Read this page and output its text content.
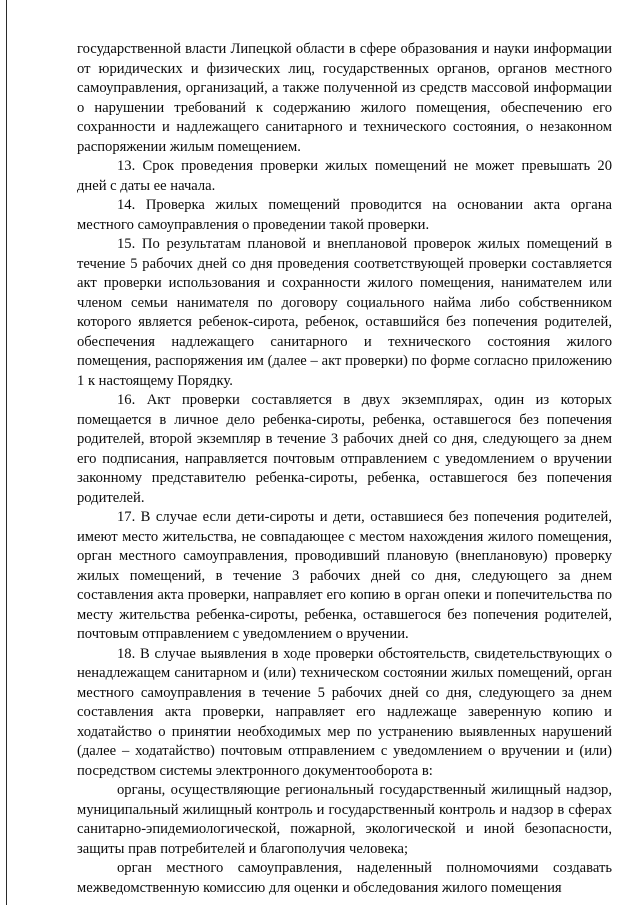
государственной власти Липецкой области в сфере образования и науки информации от юридических и физических лиц, государственных органов, органов местного самоуправления, организаций, а также полученной из средств массовой информации о нарушении требований к содержанию жилого помещения, обеспечению его сохранности и надлежащего санитарного и технического состояния, о незаконном распоряжении жилым помещением.

13. Срок проведения проверки жилых помещений не может превышать 20 дней с даты ее начала.

14. Проверка жилых помещений проводится на основании акта органа местного самоуправления о проведении такой проверки.

15. По результатам плановой и внеплановой проверок жилых помещений в течение 5 рабочих дней со дня проведения соответствующей проверки составляется акт проверки использования и сохранности жилого помещения, нанимателем или членом семьи нанимателя по договору социального найма либо собственником которого является ребенок-сирота, ребенок, оставшийся без попечения родителей, обеспечения надлежащего санитарного и технического состояния жилого помещения, распоряжения им (далее – акт проверки) по форме согласно приложению 1 к настоящему Порядку.

16. Акт проверки составляется в двух экземплярах, один из которых помещается в личное дело ребенка-сироты, ребенка, оставшегося без попечения родителей, второй экземпляр в течение 3 рабочих дней со дня, следующего за днем его подписания, направляется почтовым отправлением с уведомлением о вручении законному представителю ребенка-сироты, ребенка, оставшегося без попечения родителей.

17. В случае если дети-сироты и дети, оставшиеся без попечения родителей, имеют место жительства, не совпадающее с местом нахождения жилого помещения, орган местного самоуправления, проводивший плановую (внеплановую) проверку жилых помещений, в течение 3 рабочих дней со дня, следующего за днем составления акта проверки, направляет его копию в орган опеки и попечительства по месту жительства ребенка-сироты, ребенка, оставшегося без попечения родителей, почтовым отправлением с уведомлением о вручении.

18. В случае выявления в ходе проверки обстоятельств, свидетельствующих о ненадлежащем санитарном и (или) техническом состоянии жилых помещений, орган местного самоуправления в течение 5 рабочих дней со дня, следующего за днем составления акта проверки, направляет его надлежаще заверенную копию и ходатайство о принятии необходимых мер по устранению выявленных нарушений (далее – ходатайство) почтовым отправлением с уведомлением о вручении и (или) посредством системы электронного документооборота в:

органы, осуществляющие региональный государственный жилищный надзор, муниципальный жилищный контроль и государственный контроль и надзор в сферах санитарно-эпидемиологической, пожарной, экологической и иной безопасности, защиты прав потребителей и благополучия человека;

орган местного самоуправления, наделенный полномочиями создавать межведомственную комиссию для оценки и обследования жилого помещения
